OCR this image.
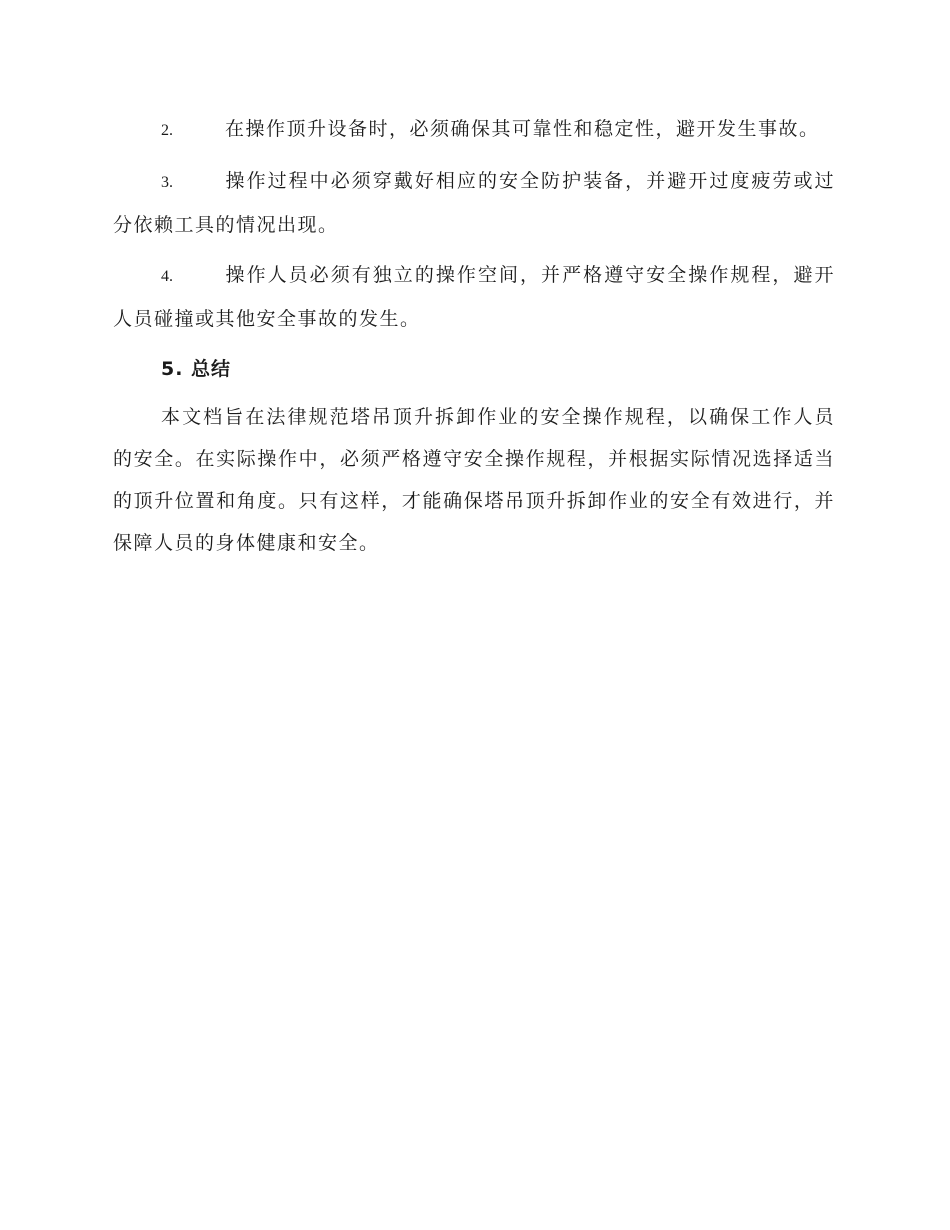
2.	在操作顶升设备时，必须确保其可靠性和稳定性，避开发生事故。

3.	操作过程中必须穿戴好相应的安全防护装备，并避开过度疲劳或过分依赖工具的情况出现。

4.	操作人员必须有独立的操作空间，并严格遵守安全操作规程，避开人员碰撞或其他安全事故的发生。

5. 总结

本文档旨在法律规范塔吊顶升拆卸作业的安全操作规程，以确保工作人员的安全。在实际操作中，必须严格遵守安全操作规程，并根据实际情况选择适当的顶升位置和角度。只有这样，才能确保塔吊顶升拆卸作业的安全有效进行，并保障人员的身体健康和安全。
